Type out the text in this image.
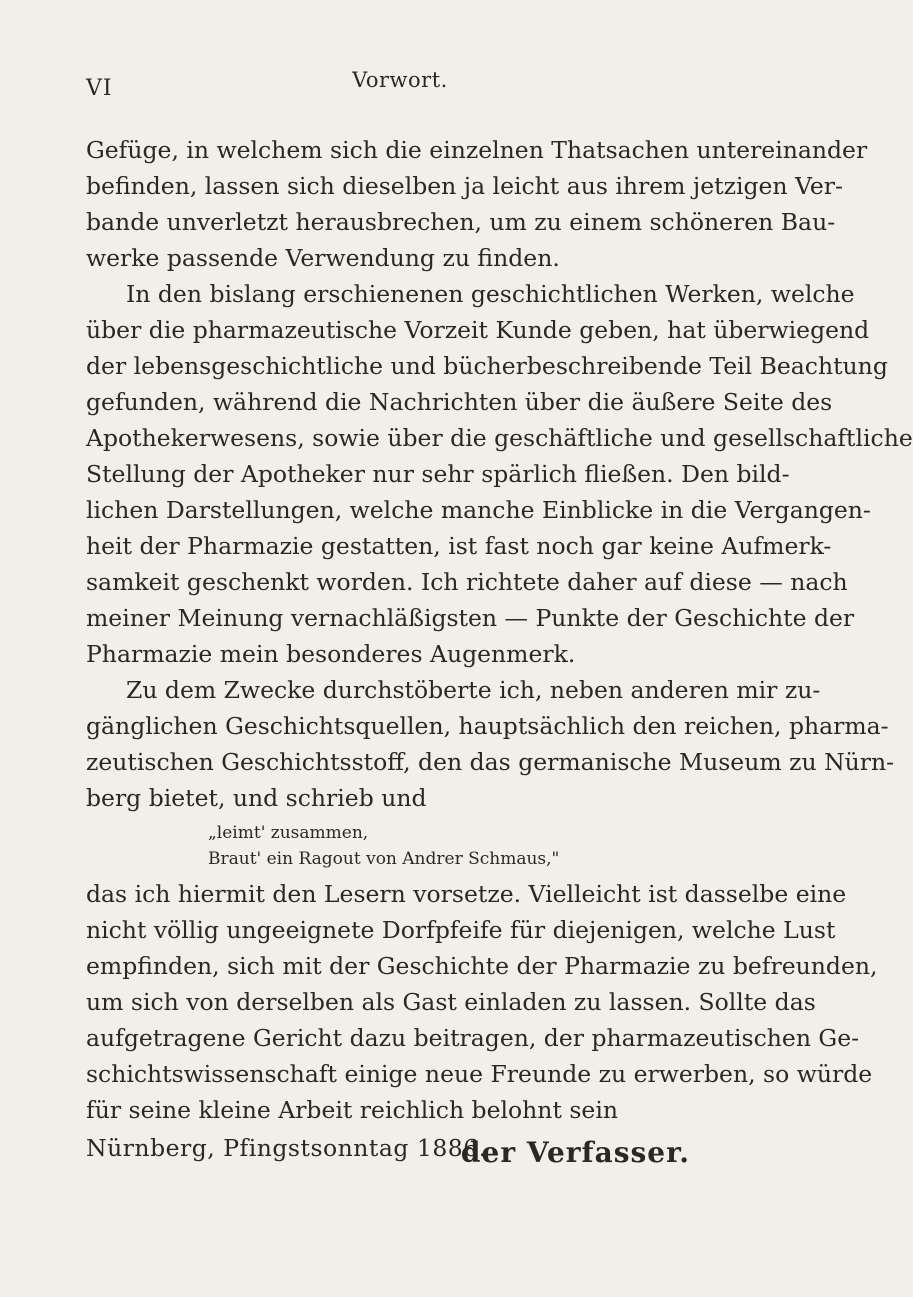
VI	Vorwort.
Gefüge, in welchem sich die einzelnen Thatsachen untereinander
befinden, lassen sich dieselben ja leicht aus ihrem jetzigen Ver-
bande unverletzt herausbrechen, um zu einem schöneren Bau-
werke passende Verwendung zu finden.
In den bislang erschienenen geschichtlichen Werken, welche
über die pharmazeutische Vorzeit Kunde geben, hat überwiegend
der lebensgeschichtliche und bücherbeschreibende Teil Beachtung
gefunden, während die Nachrichten über die äußere Seite des
Apothekerwesens, sowie über die geschäftliche und gesellschaftliche
Stellung der Apotheker nur sehr spärlich fließen. Den bild-
lichen Darstellungen, welche manche Einblicke in die Vergangen-
heit der Pharmazie gestatten, ist fast noch gar keine Aufmerk-
samkeit geschenkt worden. Ich richtete daher auf diese — nach
meiner Meinung vernachläßigsten — Punkte der Geschichte der
Pharmazie mein besonderes Augenmerk.
Zu dem Zwecke durchstöberte ich, neben anderen mir zu-
gänglichen Geschichtsquellen, hauptsächlich den reichen, pharma-
zeutischen Geschichtsstoff, den das germanische Museum zu Nürn-
berg bietet, und schrieb und
„leimt' zusammen,
Braut' ein Ragout von Andrer Schmaus,"
das ich hiermit den Lesern vorsetze. Vielleicht ist dasselbe eine
nicht völlig ungeeignete Dorfpfeife für diejenigen, welche Lust
empfinden, sich mit der Geschichte der Pharmazie zu befreunden,
um sich von derselben als Gast einladen zu lassen. Sollte das
aufgetragene Gericht dazu beitragen, der pharmazeutischen Ge-
schichtswissenschaft einige neue Freunde zu erwerben, so würde
für seine kleine Arbeit reichlich belohnt sein
Nürnberg, Pfingstsonntag 1886.
der Verfasser.
